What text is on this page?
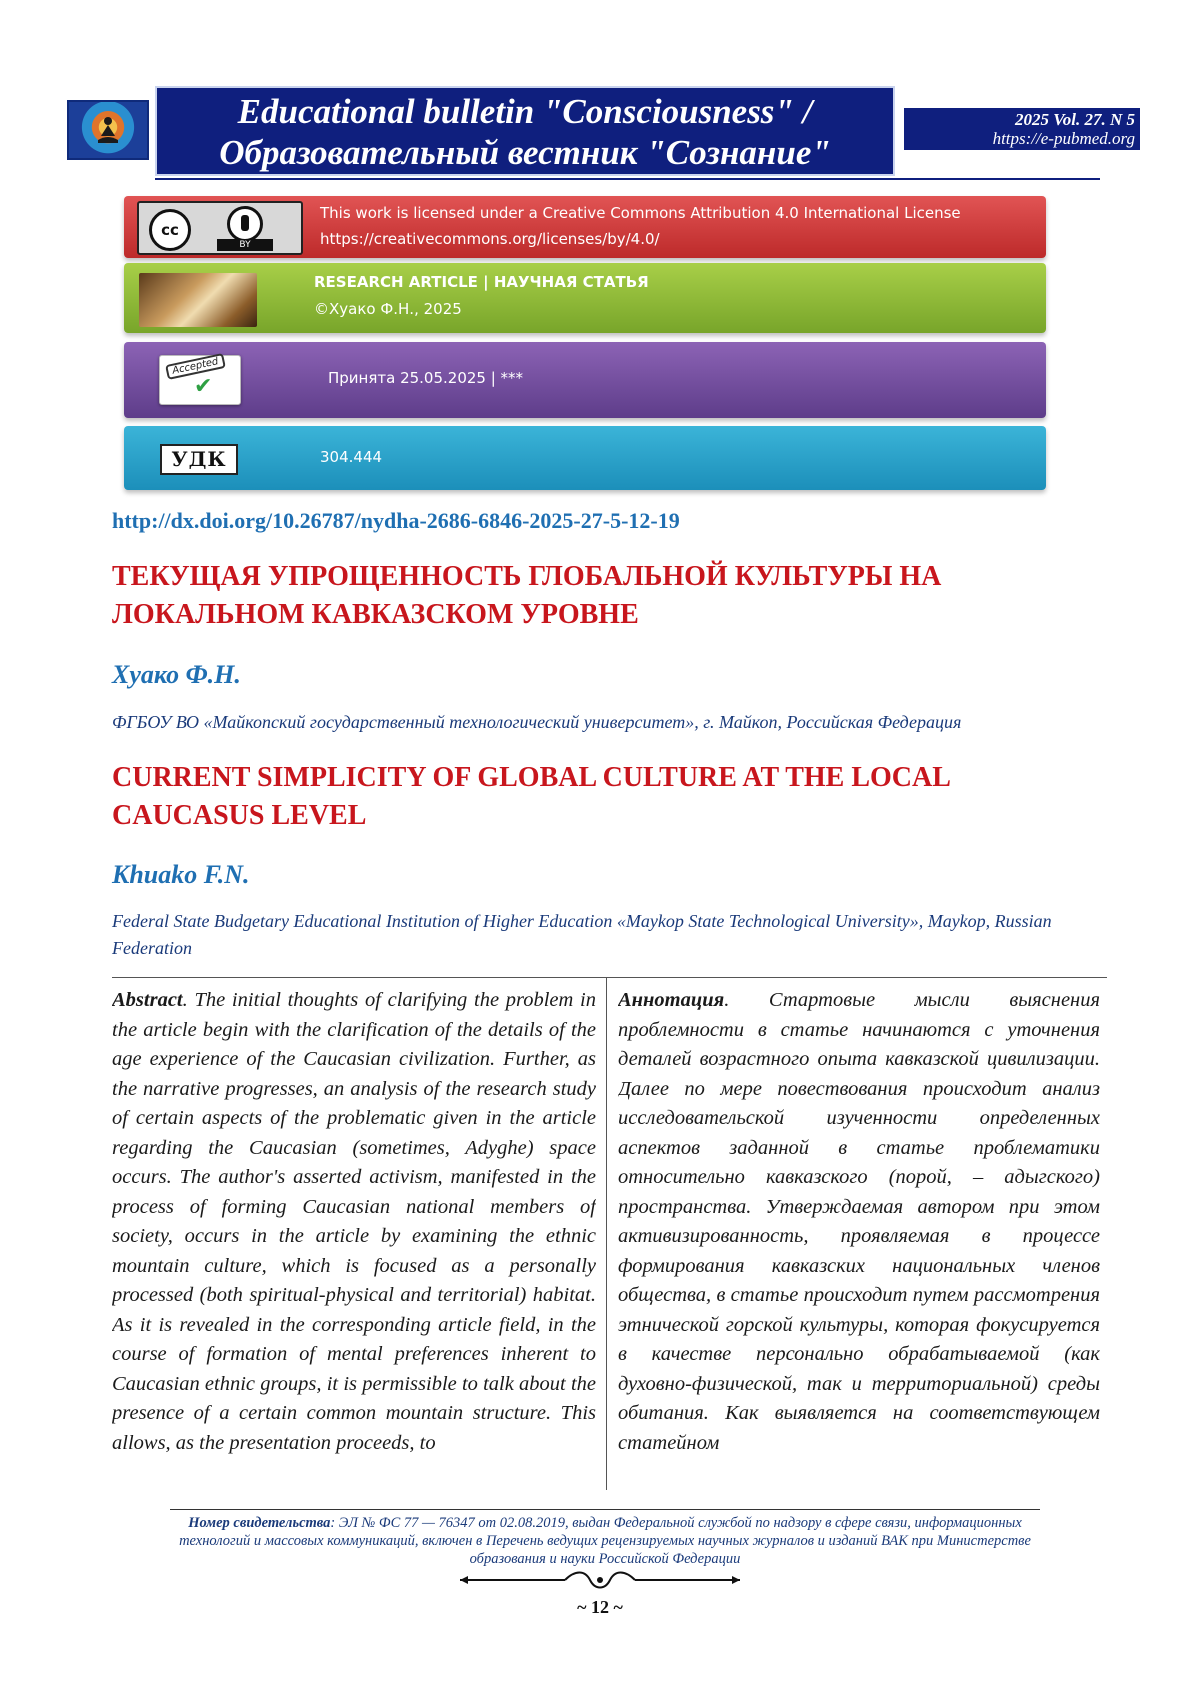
Educational bulletin "Consciousness" /
Образовательный вестник "Сознание"
2025 Vol. 27. N 5
https://e-pubmed.org
cc
BY
This work is licensed under a Creative Commons Attribution 4.0 International License
https://creativecommons.org/licenses/by/4.0/
RESEARCH ARTICLE | НАУЧНАЯ СТАТЬЯ
©Хуако Ф.Н., 2025
Accepted
✔	Принята 25.05.2025 | ***
УДК	304.444
http://dx.doi.org/10.26787/nydha-2686-6846-2025-27-5-12-19
ТЕКУЩАЯ УПРОЩЕННОСТЬ ГЛОБАЛЬНОЙ КУЛЬТУРЫ НА ЛОКАЛЬНОМ КАВКАЗСКОМ УРОВНЕ
Хуако Ф.Н.
ФГБОУ ВО «Майкопский государственный технологический университет», г. Майкоп, Российская Федерация
CURRENT SIMPLICITY OF GLOBAL CULTURE AT THE LOCAL CAUCASUS LEVEL
Khuako F.N.
Federal State Budgetary Educational Institution of Higher Education «Maykop State Technological University», Maykop, Russian Federation
Abstract. The initial thoughts of clarifying the problem in the article begin with the clarification of the details of the age experience of the Caucasian civilization. Further, as the narrative progresses, an analysis of the research study of certain aspects of the problematic given in the article regarding the Caucasian (sometimes, Adyghe) space occurs. The author's asserted activism, manifested in the process of forming Caucasian national members of society, occurs in the article by examining the ethnic mountain culture, which is focused as a personally processed (both spiritual-physical and territorial) habitat. As it is revealed in the corresponding article field, in the course of formation of mental preferences inherent to Caucasian ethnic groups, it is permissible to talk about the presence of a certain common mountain structure. This allows, as the presentation proceeds, to
Аннотация. Стартовые мысли выяснения проблемности в статье начинаются с уточнения деталей возрастного опыта кавказской цивилизации. Далее по мере повествования происходит анализ исследовательской изученности определенных аспектов заданной в статье проблематики относительно кавказского (порой, – адыгского) пространства. Утверждаемая автором при этом активизированность, проявляемая в процессе формирования кавказских национальных членов общества, в статье происходит путем рассмотрения этнической горской культуры, которая фокусируется в качестве персонально обрабатываемой (как духовно-физической, так и территориальной) среды обитания. Как выявляется на соответствующем статейном
Номер свидетельства: ЭЛ № ФС 77 — 76347 от 02.08.2019, выдан Федеральной службой по надзору в сфере связи, информационных технологий и массовых коммуникаций, включен в Перечень ведущих рецензируемых научных журналов и изданий ВАК при Министерстве образования и науки Российской Федерации
~ 12 ~
